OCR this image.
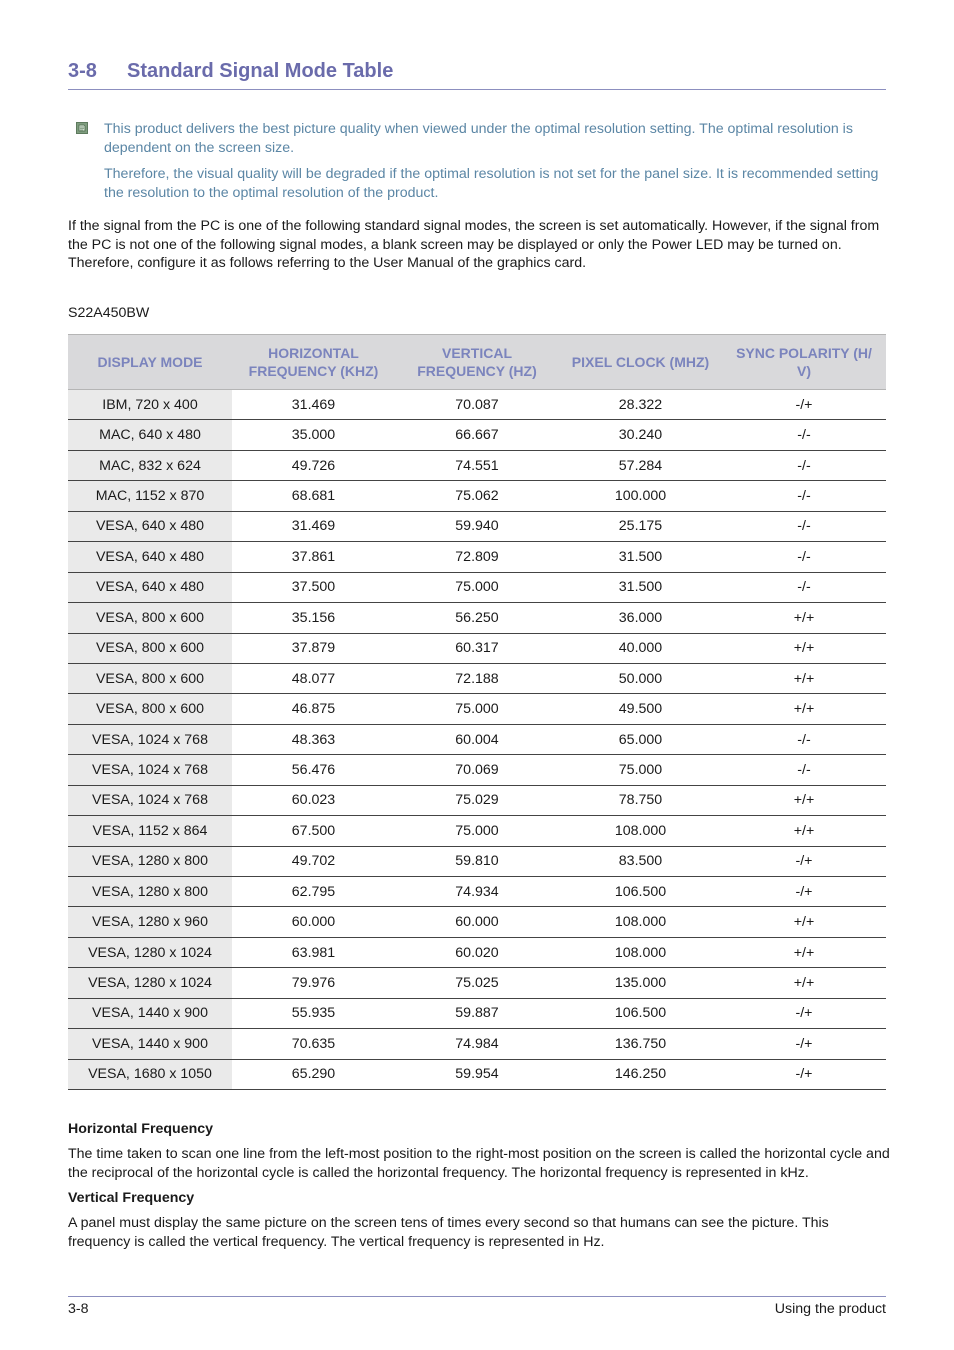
3-8	Standard Signal Mode Table

This product delivers the best picture quality when viewed under the optimal resolution setting. The optimal resolution is dependent on the screen size.

Therefore, the visual quality will be degraded if the optimal resolution is not set for the panel size. It is recommended setting the resolution to the optimal resolution of the product.

If the signal from the PC is one of the following standard signal modes, the screen is set automatically. However, if the signal from the PC is not one of the following signal modes, a blank screen may be displayed or only the Power LED may be turned on. Therefore, configure it as follows referring to the User Manual of the graphics card.

S22A450BW

DISPLAY MODE	HORIZONTAL FREQUENCY (KHZ)	VERTICAL FREQUENCY (HZ)	PIXEL CLOCK (MHZ)	SYNC POLARITY (H/ V)
IBM, 720 x 400	31.469	70.087	28.322	-/+
MAC, 640 x 480	35.000	66.667	30.240	-/-
MAC, 832 x 624	49.726	74.551	57.284	-/-
MAC, 1152 x 870	68.681	75.062	100.000	-/-
VESA, 640 x 480	31.469	59.940	25.175	-/-
VESA, 640 x 480	37.861	72.809	31.500	-/-
VESA, 640 x 480	37.500	75.000	31.500	-/-
VESA, 800 x 600	35.156	56.250	36.000	+/+
VESA, 800 x 600	37.879	60.317	40.000	+/+
VESA, 800 x 600	48.077	72.188	50.000	+/+
VESA, 800 x 600	46.875	75.000	49.500	+/+
VESA, 1024 x 768	48.363	60.004	65.000	-/-
VESA, 1024 x 768	56.476	70.069	75.000	-/-
VESA, 1024 x 768	60.023	75.029	78.750	+/+
VESA, 1152 x 864	67.500	75.000	108.000	+/+
VESA, 1280 x 800	49.702	59.810	83.500	-/+
VESA, 1280 x 800	62.795	74.934	106.500	-/+
VESA, 1280 x 960	60.000	60.000	108.000	+/+
VESA, 1280 x 1024	63.981	60.020	108.000	+/+
VESA, 1280 x 1024	79.976	75.025	135.000	+/+
VESA, 1440 x 900	55.935	59.887	106.500	-/+
VESA, 1440 x 900	70.635	74.984	136.750	-/+
VESA, 1680 x 1050	65.290	59.954	146.250	-/+

Horizontal Frequency

The time taken to scan one line from the left-most position to the right-most position on the screen is called the horizontal cycle and the reciprocal of the horizontal cycle is called the horizontal frequency. The horizontal frequency is represented in kHz.

Vertical Frequency

A panel must display the same picture on the screen tens of times every second so that humans can see the picture. This frequency is called the vertical frequency. The vertical frequency is represented in Hz.

3-8	Using the product
